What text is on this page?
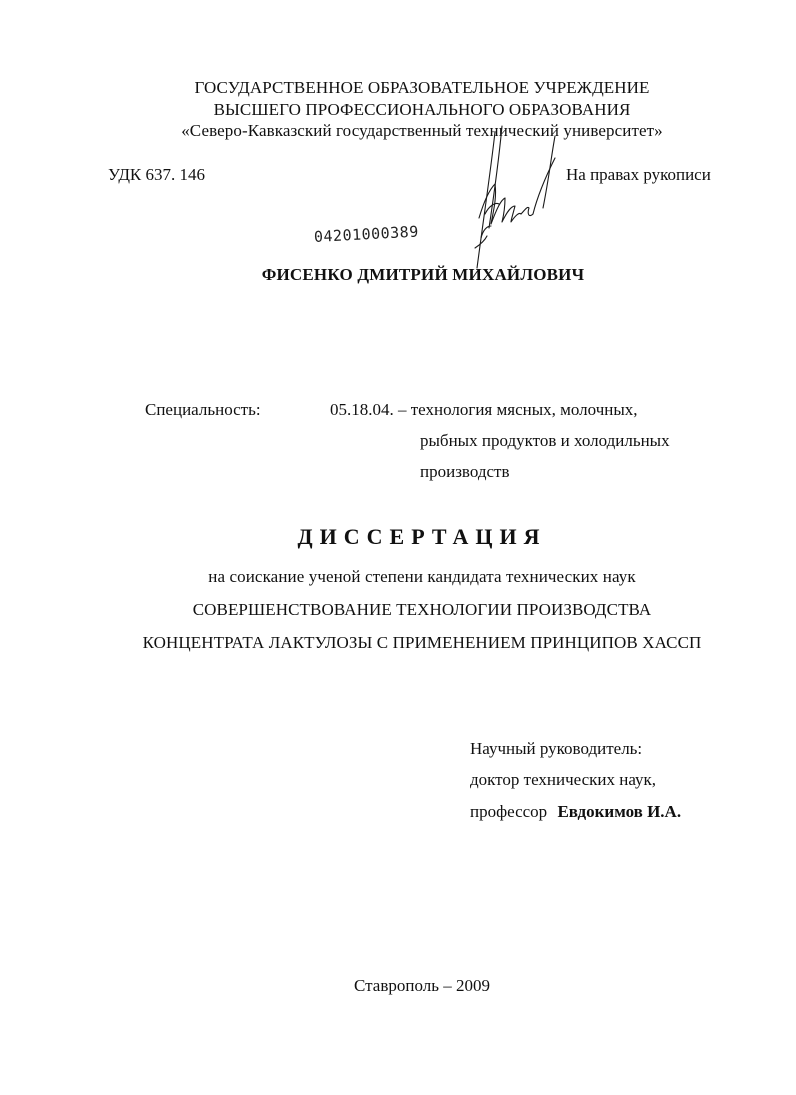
ГОСУДАРСТВЕННОЕ ОБРАЗОВАТЕЛЬНОЕ УЧРЕЖДЕНИЕ
ВЫСШЕГО ПРОФЕССИОНАЛЬНОГО ОБРАЗОВАНИЯ
«Северо-Кавказский государственный технический университет»
УДК 637. 146	На правах рукописи
04201000389
ФИСЕНКО ДМИТРИЙ МИХАЙЛОВИЧ
Специальность:	05.18.04. – технология мясных, молочных,
рыбных продуктов и холодильных
производств
ДИССЕРТАЦИЯ
на соискание ученой степени кандидата технических наук
СОВЕРШЕНСТВОВАНИЕ ТЕХНОЛОГИИ ПРОИЗВОДСТВА
КОНЦЕНТРАТА ЛАКТУЛОЗЫ С ПРИМЕНЕНИЕМ ПРИНЦИПОВ ХАССП
Научный руководитель:
доктор технических наук,
профессор Евдокимов И.А.
Ставрополь – 2009
